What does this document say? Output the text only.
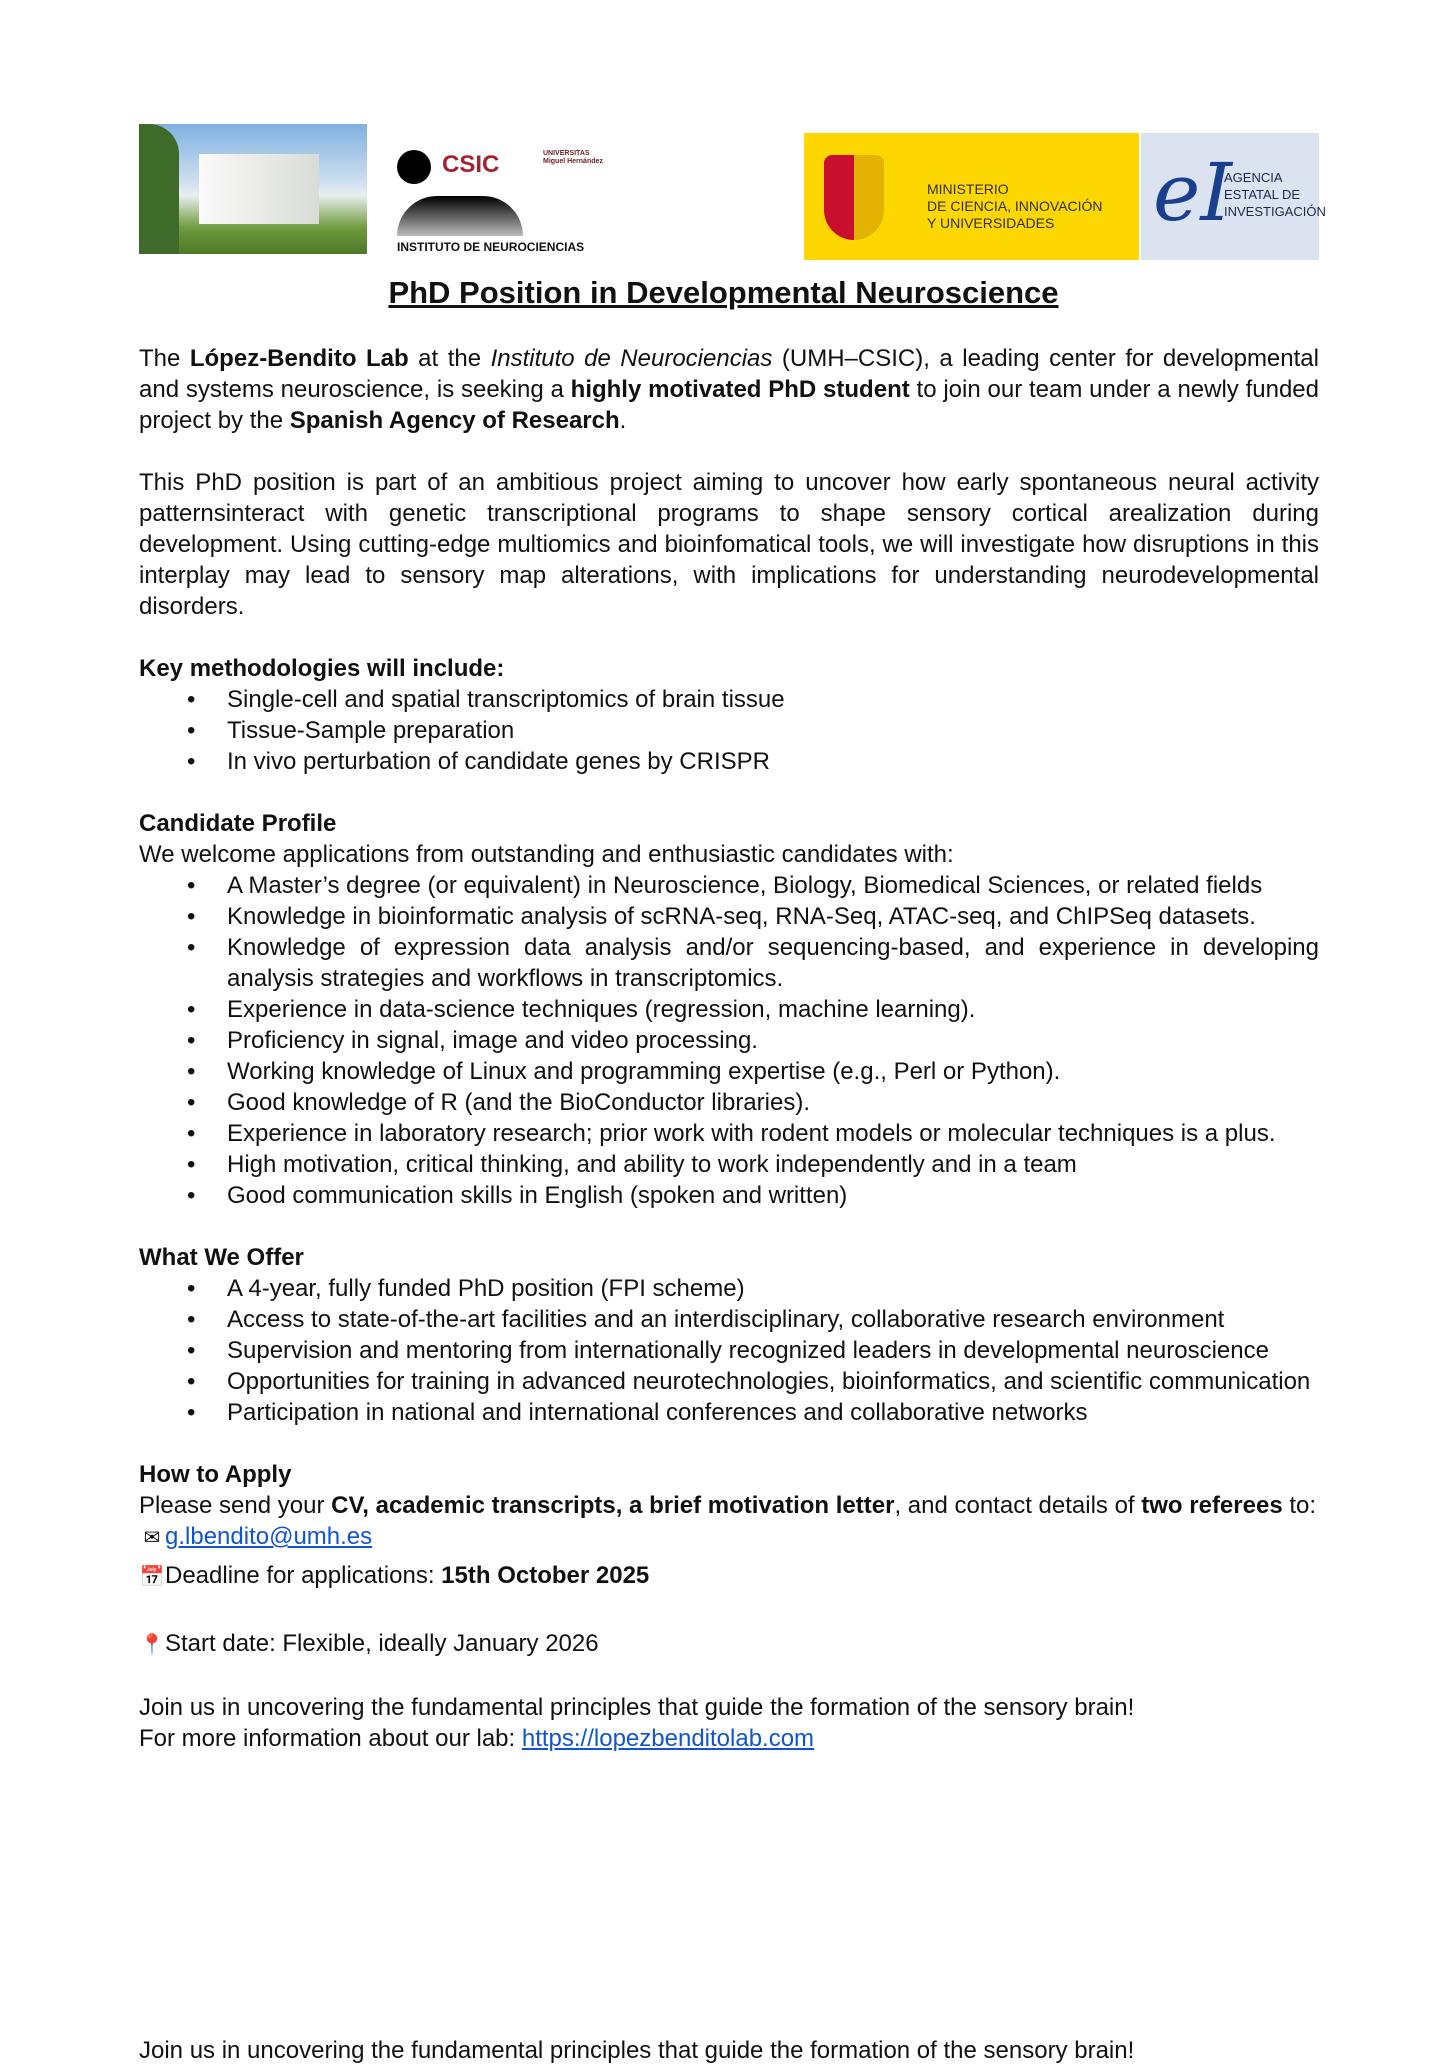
CSIC	UNIVERSITAS Miguel Hernández
INSTITUTO DE NEUROCIENCIAS
MINISTERIO
DE CIENCIA, INNOVACIÓN
Y UNIVERSIDADES	eI
AGENCIA
ESTATAL DE
INVESTIGACIÓN
PhD Position in Developmental Neuroscience

The López-Bendito Lab at the Instituto de Neurociencias (UMH–CSIC), a leading center for developmental and systems neuroscience, is seeking a highly motivated PhD student to join our team under a newly funded project by the Spanish Agency of Research.

This PhD position is part of an ambitious project aiming to uncover how early spontaneous neural activity patternsinteract with genetic transcriptional programs to shape sensory cortical arealization during development. Using cutting-edge multiomics and bioinfomatical tools, we will investigate how disruptions in this interplay may lead to sensory map alterations, with implications for understanding neurodevelopmental disorders.

Key methodologies will include:
• Single-cell and spatial transcriptomics of brain tissue
• Tissue-Sample preparation
• In vivo perturbation of candidate genes by CRISPR
Candidate Profile

We welcome applications from outstanding and enthusiastic candidates with:

• A Master’s degree (or equivalent) in Neuroscience, Biology, Biomedical Sciences, or related fields
• Knowledge in bioinformatic analysis of scRNA-seq, RNA-Seq, ATAC-seq, and ChIPSeq datasets.
• Knowledge of expression data analysis and/or sequencing-based, and experience in developing analysis strategies and workflows in transcriptomics.
• Experience in data-science techniques (regression, machine learning).
• Proficiency in signal, image and video processing.
• Working knowledge of Linux and programming expertise (e.g., Perl or Python).
• Good knowledge of R (and the BioConductor libraries).
• Experience in laboratory research; prior work with rodent models or molecular techniques is a plus.
• High motivation, critical thinking, and ability to work independently and in a team
• Good communication skills in English (spoken and written)
What We Offer
• A 4-year, fully funded PhD position (FPI scheme)
• Access to state-of-the-art facilities and an interdisciplinary, collaborative research environment
• Supervision and mentoring from internationally recognized leaders in developmental neuroscience
• Opportunities for training in advanced neurotechnologies, bioinformatics, and scientific communication
• Participation in national and international conferences and collaborative networks
How to Apply

Please send your CV, academic transcripts, a brief motivation letter, and contact details of two referees to:

✉ g.lbendito@umh.es
📅Deadline for applications: 15th October 2025
📍Start date: Flexible, ideally January 2026
Join us in uncovering the fundamental principles that guide the formation of the sensory brain!
For more information about our lab: https://lopezbenditolab.com
Join us in uncovering the fundamental principles that guide the formation of the sensory brain!
